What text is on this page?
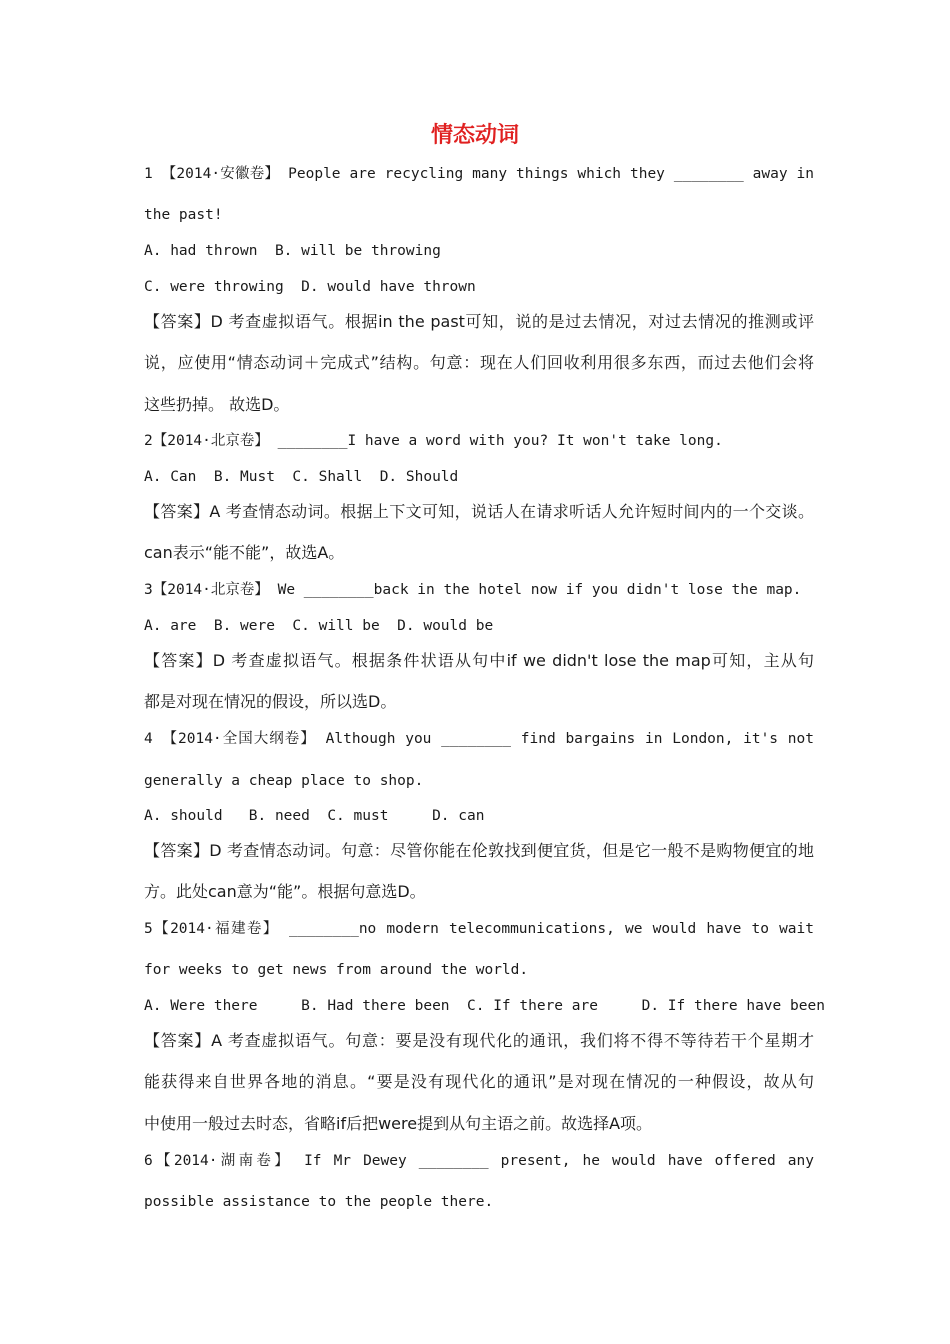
情态动词
1 【2014·安徽卷】 People are recycling many things which they ________ away in
the past!
A. had thrown  B. will be throwing
C. were throwing  D. would have thrown
【答案】D 考查虚拟语气。根据in the past可知，说的是过去情况，对过去情况的推测或评
说，应使用“情态动词＋完成式”结构。句意：现在人们回收利用很多东西，而过去他们会将
这些扔掉。 故选D。
2【2014·北京卷】 ________I have a word with you? It won't take long.
A. Can  B. Must  C. Shall  D. Should
【答案】A 考查情态动词。根据上下文可知，说话人在请求听话人允许短时间内的一个交谈。
can表示“能不能”，故选A。
3【2014·北京卷】 We ________back in the hotel now if you didn't lose the map.
A. are  B. were  C. will be  D. would be
【答案】D 考查虚拟语气。根据条件状语从句中if we didn't lose the map可知，主从句
都是对现在情况的假设，所以选D。
4 【2014·全国大纲卷】 Although you ________ find bargains in London, it's not
generally a cheap place to shop.
A. should   B. need  C. must     D. can
【答案】D 考查情态动词。句意：尽管你能在伦敦找到便宜货，但是它一般不是购物便宜的地
方。此处can意为“能”。根据句意选D。
5【2014·福建卷】 ________no modern telecommunications, we would have to wait
for weeks to get news from around the world.
A. Were there     B. Had there been  C. If there are     D. If there have been
【答案】A 考查虚拟语气。句意：要是没有现代化的通讯，我们将不得不等待若干个星期才
能获得来自世界各地的消息。“要是没有现代化的通讯”是对现在情况的一种假设，故从句
中使用一般过去时态，省略if后把were提到从句主语之前。故选择A项。
6【2014·湖南卷】 If Mr Dewey ________ present, he would have offered any
possible assistance to the people there.
